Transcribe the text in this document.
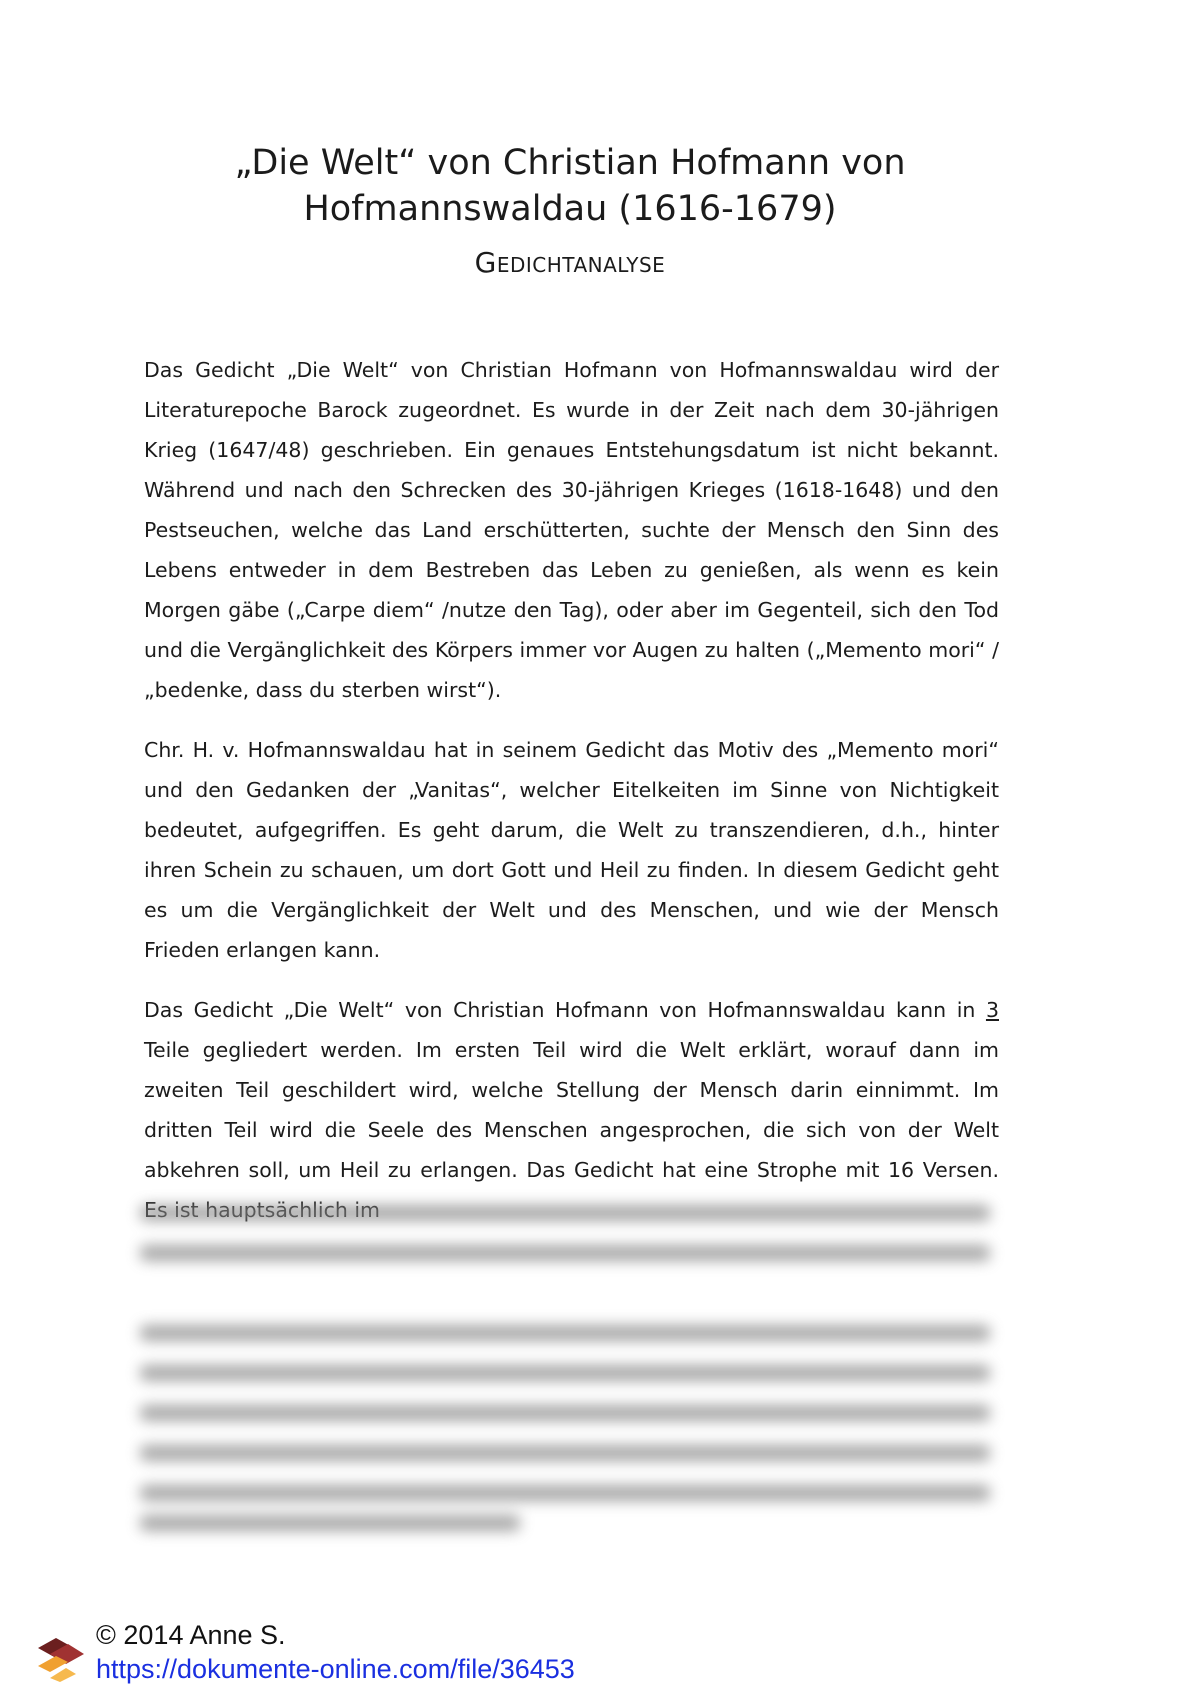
„Die Welt“ von Christian Hofmann von
Hofmannswaldau (1616-1679)
Gedichtanalyse

Das Gedicht „Die Welt“ von Christian Hofmann von Hofmannswaldau wird der Literaturepoche Barock zugeordnet. Es wurde in der Zeit nach dem 30-jährigen Krieg (1647/48) geschrieben. Ein genaues Entstehungsdatum ist nicht bekannt. Während und nach den Schrecken des 30-jährigen Krieges (1618-1648) und den Pestseuchen, welche das Land erschütterten, suchte der Mensch den Sinn des Lebens entweder in dem Bestreben das Leben zu genießen, als wenn es kein Morgen gäbe („Carpe diem“ /nutze den Tag), oder aber im Gegenteil, sich den Tod und die Vergänglichkeit des Körpers immer vor Augen zu halten („Memento mori“ /„bedenke, dass du sterben wirst“).

Chr. H. v. Hofmannswaldau hat in seinem Gedicht das Motiv des „Memento mori“ und den Gedanken der „Vanitas“, welcher Eitelkeiten im Sinne von Nichtigkeit bedeutet, aufgegriffen. Es geht darum, die Welt zu transzendieren, d.h., hinter ihren Schein zu schauen, um dort Gott und Heil zu finden. In diesem Gedicht geht es um die Vergänglichkeit der Welt und des Menschen, und wie der Mensch Frieden erlangen kann.

Das Gedicht „Die Welt“ von Christian Hofmann von Hofmannswaldau kann in 3 Teile gegliedert werden. Im ersten Teil wird die Welt erklärt, worauf dann im zweiten Teil geschildert wird, welche Stellung der Mensch darin einnimmt. Im dritten Teil wird die Seele des Menschen angesprochen, die sich von der Welt abkehren soll, um Heil zu erlangen. Das Gedicht hat eine Strophe mit 16 Versen.

© 2014 Anne S.
https://dokumente-online.com/file/36453
